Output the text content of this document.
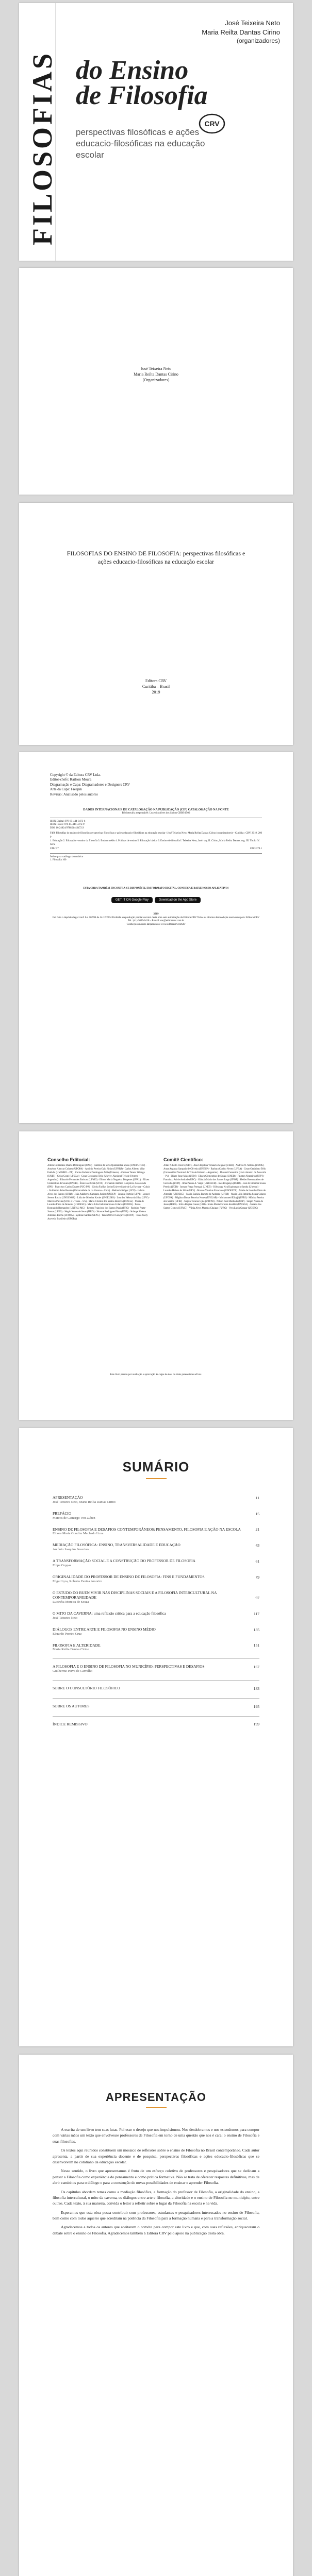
FILOSOFIAS
José Teixeira Neto
Maria Reilta Dantas Cirino
(organizadores)
do Ensino
de Filosofia
CRV
perspectivas filosóficas e ações educacio-filosóficas na educação escolar
José Teixeira Neto
Maria Reilta Dantas Cirino
(Organizadores)
FILOSOFIAS DO ENSINO DE FILOSOFIA: perspectivas filosóficas e ações educacio-filosóficas na educação escolar
Editora CRV
Curitiba – Brasil
2019
Copyright © da Editora CRV Ltda.
Editor-chefe: Railson Moura
Diagramação e Capa: Diagramadores e Designers CRV
Arte da Capa: Freepik
Revisão: Analisado pelos autores
DADOS INTERNACIONAIS DE CATALOGAÇÃO NA PUBLICAÇÃO (CIP) CATALOGAÇÃO NA FONTE
Bibliotecária responsável: Luzenira Alves dos Santos CRB9/1506
ISBN Digital: 978-85-444-3473-6
ISBN Físico: 978-85-444-3472-9
DOI: 10.24824/978854443472.9
F486 Filosofias do ensino de filosofia: perspectivas filosóficas e ações educacio-filosóficas na educação escolar / José Teixeira Neto, Maria Reilta Dantas Cirino (organizadores) – Curitiba : CRV, 2019. 200 p.
1. Educação 2. Educação – ensino da filosofia 3. Ensino médio 4. Práticas de ensino 5. Educação básica 6. Ensino de filosofia I. Teixeira Neto, José. org. II. Cirino, Maria Reilta Dantas. org. III. Título IV. Série
CDU 37	CDD 370.1
Índice para catálogo sistemático
1. Filosofia 100
ESTA OBRA TAMBÉM ENCONTRA-SE DISPONÍVEL EM FORMATO DIGITAL. CONHEÇA E BAIXE NOSSO APLICATIVO!
GET IT ON Google Play	Download on the App Store
2019
Foi feito o depósito legal conf. Lei 10.994 de 14/12/2004 Proibida a reprodução parcial ou total desta obra sem autorização da Editora CRV Todos os direitos desta edição reservados pela: Editora CRV
Tel.: (41) 3039-6418 – E-mail: sac@editoracrv.com.br
Conheça os nossos lançamentos: www.editoracrv.com.br
Conselho Editorial:
Aldira Guimarães Duarte Domínguez (UNB) · Andréia da Silva Quintanilha Sousa (UNIR/UFRN) · Anselmo Alencar Colares (UFOPA) · Antônio Pereira Gaio Júnior (UFRRJ) · Carlos Alberto Vilar Estêvão (UMINHO – PT) · Carlos Federico Dominguez Avila (Unieuro) · Carmen Tereza Velanga (UNIR) · Celso Conti (UFSCar) · Cesar Gerónimo Tello (Univer .Nacional Três de Febrero – Argentina) · Eduardo Fernandes Barbosa (UFMG) · Elione Maria Nogueira Diogenes (UFAL) · Elizeu Clementino de Souza (UNEB) · Élsio José Corá (UFFS) · Fernando Antônio Gonçalves Alcoforado (IPB) · Francisco Carlos Duarte (PUC-PR) · Gloria Fariñas León (Universidade de La Havana – Cuba) · Guillermo Arias Beatón (Universidade de La Havana – Cuba) · Helmuth Krüger (UCP) · Jailson Alves dos Santos (UFRJ) · João Adalberto Campato Junior (UNESP) · Josania Portela (UFPI) · Leonel Severo Rocha (UNISINOS) · Lídia de Oliveira Xavier (UNIEURO) · Lourdes Helena da Silva (UFV) · Marcelo Paixão (UFRJ e UTexas – US) · Maria Cristina dos Santos Bezerra (UFSCar) · Maria de Lourdes Pinto de Almeida (UNOESC) · Maria Lília Imbiriba Sousa Colares (UFOPA) · Paulo Romualdo Hernandes (UNIFAL-MG) · Renato Francisco dos Santos Paula (UFG) · Rodrigo Pratte-Santos (UFES) · Sérgio Nunes de Jesus (IFRO) · Simone Rodrigues Pinto (UNB) · Solange Helena Ximenes-Rocha (UFOPA) · Sydione Santos (UEPG) · Tadeu Oliver Gonçalves (UFPA) · Tania Suely Azevedo Brasileiro (UFOPA)
Comitê Científico:
Altair Alberto Fávero (UPF) · Ana Chrystina Venancio Mignot (UERJ) · Andréia N. Militão (UEMS) · Anna Augusta Sampaio de Oliveira (UNESP) · Barbara Coelho Neves (UFBA) · Cesar Gerónimo Tello (Universidad Nacional de Três de Febrero – Argentina) · Diosnel Centurion (Univ Americ. de Asunción – Py) · Eliane Rose Maio (UEM) · Elizeu Clementino de Souza (UNEB) · Fauston Negreiros (UFPI) · Francisco Ari de Andrade (UFC) · Gláucia Maria dos Santos Jorge (UFOP) · Helder Buenos Aires de Carvalho (UFPI) · Ilma Passos A. Veiga (UNICEUB) · Inês Bragança (UERJ) · José de Ribamar Sousa Pereira (UCB) · Jussara Fraga Portugal (UNEB) · Kilwangy Kya Kapitango-a-Samba (Unemat) · Lourdes Helena da Silva (UFV) · Marcos Vinicius Francisco (UNOESTE) · Maria de Lourdes Pinto de Almeida (UNOESC) · Maria Eurácia Barreto de Andrade (UFRB) · Maria Lília Imbiriba Sousa Colares (UFOPA) · Míghian Danae Ferreira Nunes (UNILAB) · Mohammed Elhajji (UFRJ) · Mônica Pereira dos Santos (UFRJ) · Najela Tavares Ujiie (UTFPR) · Nilson José Machado (USP) · Sérgio Nunes de Jesus (IFRO) · Silvia Regina Canan (URI) · Sonia Maria Ferreira Koehler (UNISAL) · Suzana dos Santos Gomes (UFMG) · Vânia Alves Martins Chaigar (FURG) · Vera Lucia Gaspar (UDESC)
Este livro passou por avaliação e aprovação às cegas de dois ou mais pareceristas ad hoc.
SUMÁRIO
APRESENTAÇÃO	11
José Teixeira Neto, Maria Reilta Dantas Cirino
PREFÁCIO	15
Marcos de Camargo Von Zuben
ENSINO DE FILOSOFIA E DESAFIOS CONTEMPORÂNEOS: PENSAMENTO, FILOSOFIA E AÇÃO NA ESCOLA	21
Elnora Maria Gondim Machado Lima
MEDIAÇÃO FILOSÓFICA: ENSINO, TRANSVERSALIDADE E EDUCAÇÃO	43
Antônio Joaquim Severino
A TRANSFORMAÇÃO SOCIAL E A CONSTRUÇÃO DO PROFESSOR DE FILOSOFIA	61
Filipe Ceppas
ORIGINALIDADE DO PROFESSOR DE ENSINO DE FILOSOFIA: FINS E FUNDAMENTOS	79
Edgar Lyra, Roberta Zanina Amorim
O ESTUDO DO BUEN VIVIR NAS DISCIPLINAS SOCIAIS E A FILOSOFIA INTERCULTURAL NA CONTEMPORANEIDADE	97
Lucinéia Moreira de Souza
O MITO DA CAVERNA: uma reflexão crítica para a educação filosófica	117
José Teixeira Neto
DIÁLOGOS ENTRE ARTE E FILOSOFIA NO ENSINO MÉDIO	135
Eduardo Pereira Cruz
FILOSOFIA E ALTERIDADE	151
Maria Reilta Dantas Cirino
A FILOSOFIA E O ENSINO DE FILOSOFIA NO MUNICÍPIO: PERSPECTIVAS E DESAFIOS	167
Guilherme Paiva de Carvalho
SOBRE O CONSULTÓRIO FILOSÓFICO	183
SOBRE OS AUTORES	195
ÍNDICE REMISSIVO	199
APRESENTAÇÃO

A escrita de um livro tem suas lutas. Foi esse o desejo que nos impulsionou. Nos desdobramos e nos estendemos para compor com várias mãos um texto que envolvesse professores de Filosofia em torno de uma questão que nos é cara: o ensino de Filosofia e suas filosofias.

Os textos aqui reunidos constituem um mosaico de reflexões sobre o ensino de Filosofia no Brasil contemporâneo. Cada autor apresenta, a partir de sua experiência docente e de pesquisa, perspectivas filosóficas e ações educacio-filosóficas que se desenvolvem no cotidiano da educação escolar.

Nesse sentido, o livro que apresentamos é fruto de um esforço coletivo de professores e pesquisadores que se dedicam a pensar a Filosofia como experiência do pensamento e como prática formativa. Não se trata de oferecer respostas definitivas, mas de abrir caminhos para o diálogo e para a construção de novas possibilidades de ensinar e aprender Filosofia.

Os capítulos abordam temas como a mediação filosófica, a formação do professor de Filosofia, a originalidade do ensino, a filosofia intercultural, o mito da caverna, os diálogos entre arte e filosofia, a alteridade e o ensino de Filosofia no município, entre outros. Cada texto, à sua maneira, convida o leitor a refletir sobre o lugar da Filosofia na escola e na vida.

Esperamos que esta obra possa contribuir com professores, estudantes e pesquisadores interessados no ensino de Filosofia, bem como com todos aqueles que acreditam na potência da Filosofia para a formação humana e para a transformação social.

Agradecemos a todos os autores que aceitaram o convite para compor este livro e que, com suas reflexões, enriqueceram o debate sobre o ensino de Filosofia. Agradecemos também à Editora CRV pelo apoio na publicação desta obra.
